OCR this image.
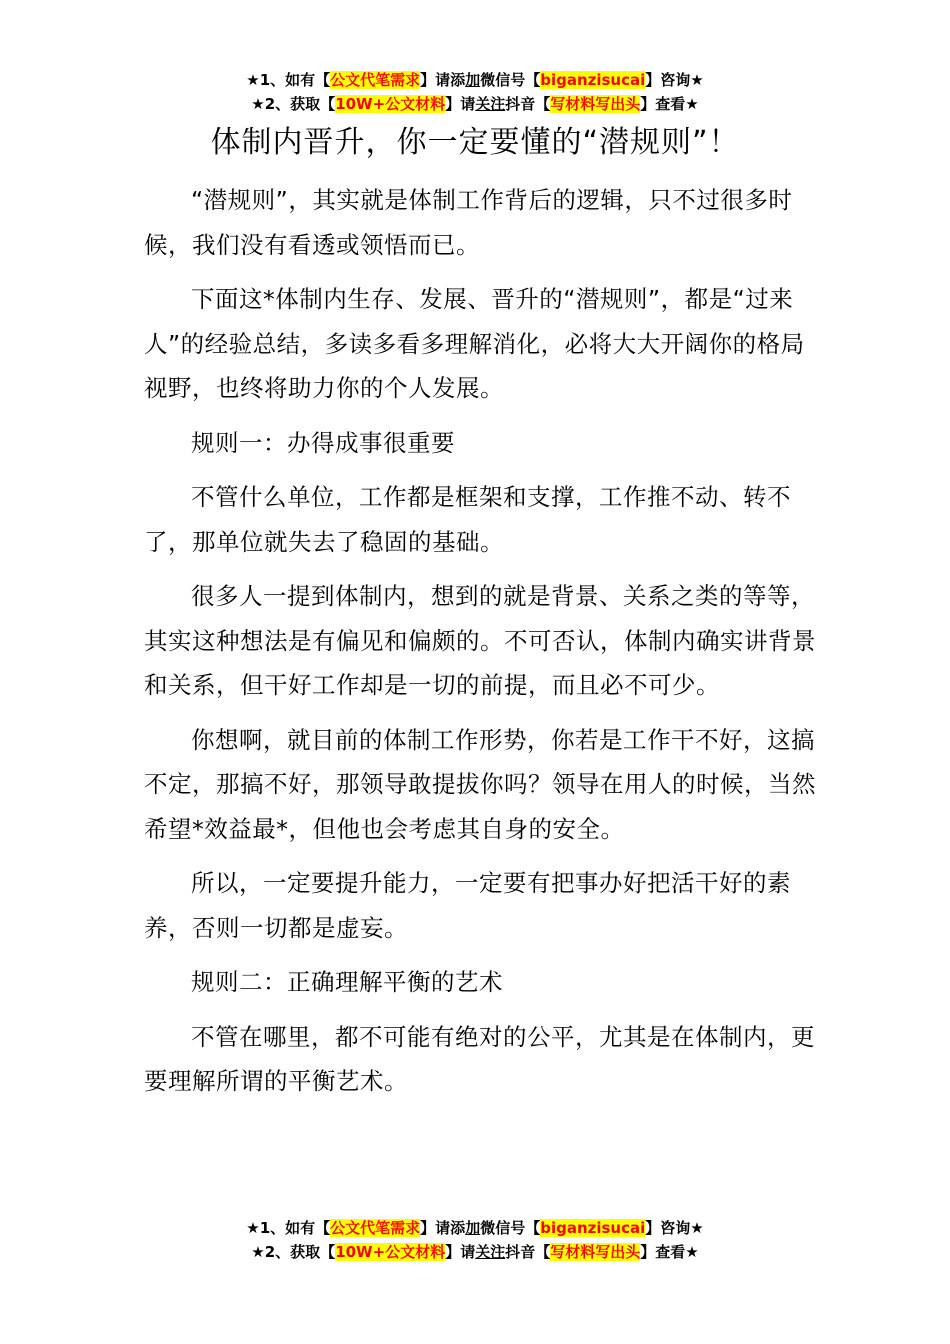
★1、如有【公文代笔需求】请添加微信号【biganzisucai】咨询★
★2、获取【10W+公文材料】请关注抖音【写材料写出头】查看★
体制内晋升，你一定要懂的“潜规则”！

“潜规则”，其实就是体制工作背后的逻辑，只不过很多时候，我们没有看透或领悟而已。

下面这*体制内生存、发展、晋升的“潜规则”，都是“过来人”的经验总结，多读多看多理解消化，必将大大开阔你的格局视野，也终将助力你的个人发展。

规则一：办得成事很重要

不管什么单位，工作都是框架和支撑，工作推不动、转不了，那单位就失去了稳固的基础。

很多人一提到体制内，想到的就是背景、关系之类的等等，其实这种想法是有偏见和偏颇的。不可否认，体制内确实讲背景和关系，但干好工作却是一切的前提，而且必不可少。

你想啊，就目前的体制工作形势，你若是工作干不好，这搞不定，那搞不好，那领导敢提拔你吗？领导在用人的时候，当然希望*效益最*，但他也会考虑其自身的安全。

所以，一定要提升能力，一定要有把事办好把活干好的素养，否则一切都是虚妄。

规则二：正确理解平衡的艺术

不管在哪里，都不可能有绝对的公平，尤其是在体制内，更要理解所谓的平衡艺术。

★1、如有【公文代笔需求】请添加微信号【biganzisucai】咨询★
★2、获取【10W+公文材料】请关注抖音【写材料写出头】查看★
